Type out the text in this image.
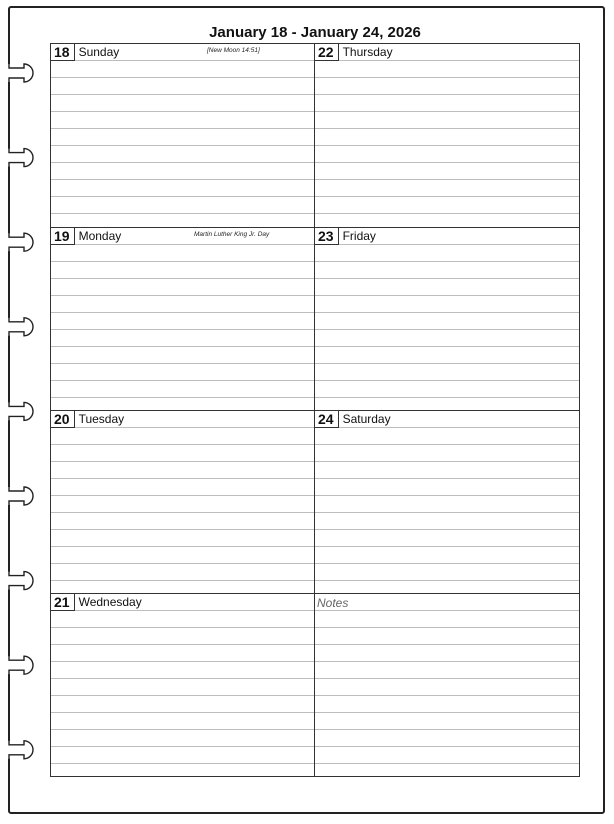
January 18 - January 24, 2026
18 Sunday	[New Moon 14:51]
19 Monday	Martin Luther King Jr. Day
20 Tuesday
21 Wednesday
22 Thursday
23 Friday
24 Saturday
Notes
